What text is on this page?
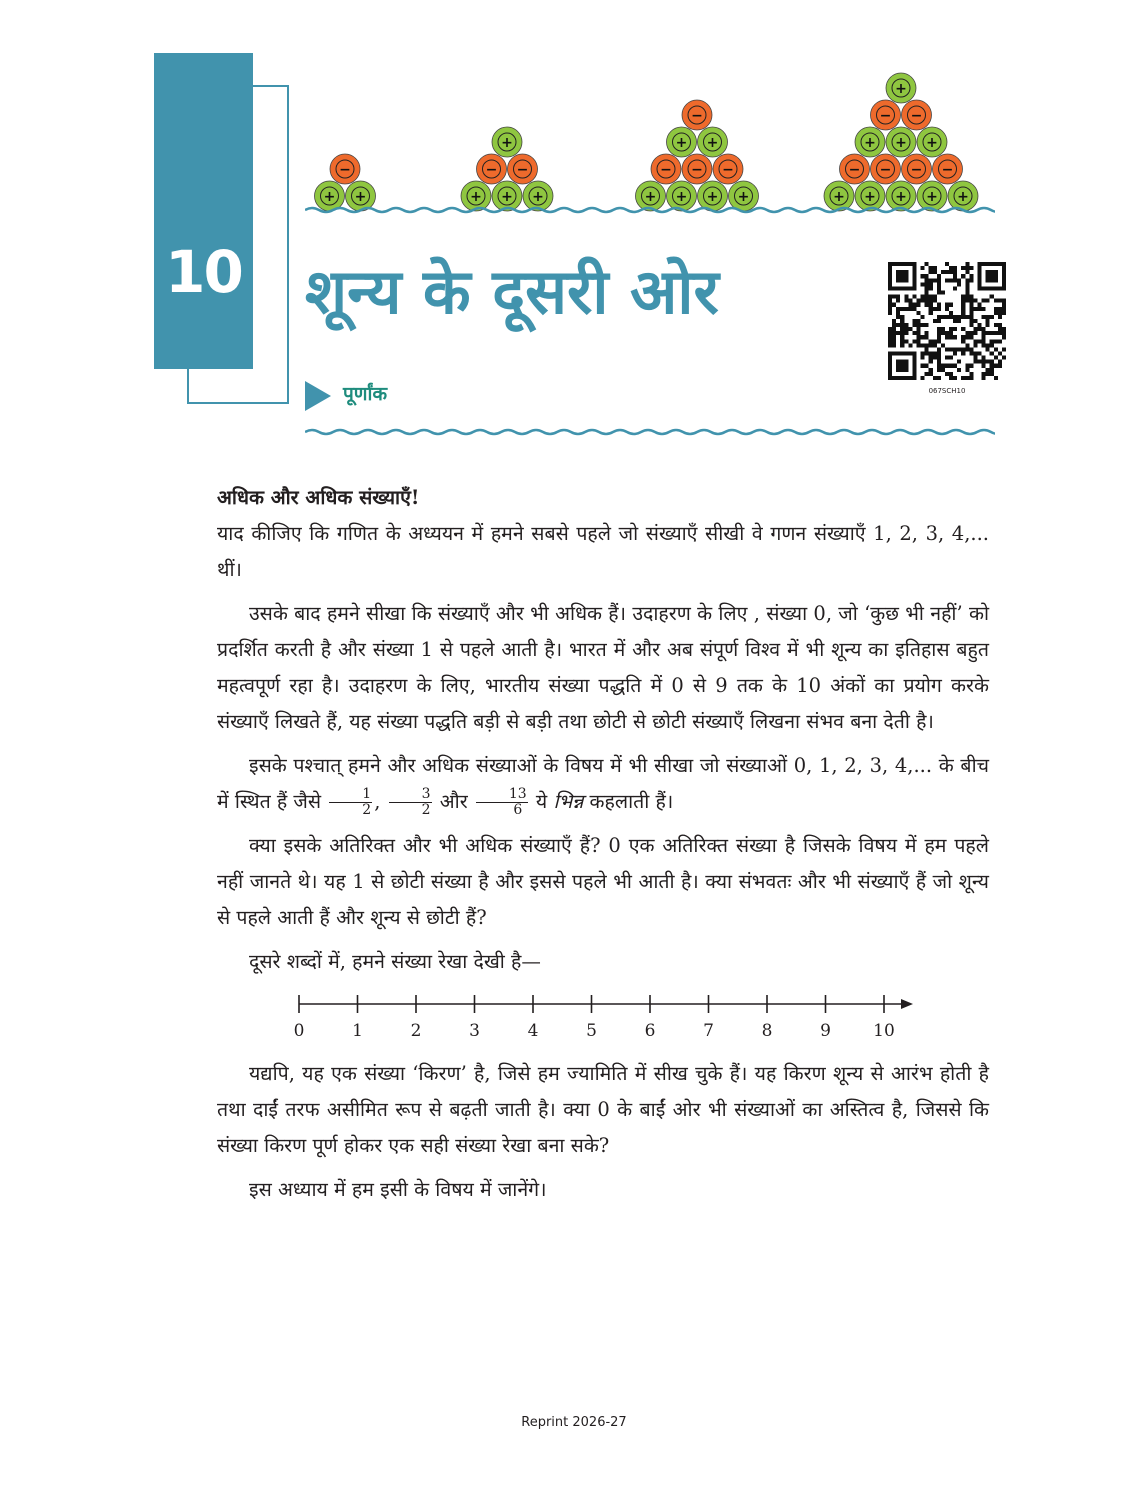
10
−
+ +
+
− −
+ + +
−
+ +
− − −
+ + + +
+
− −
+ + +
− − − −
+ + + + +
शून्य के दूसरी ओर
067SCH10
पूर्णांक

अधिक और अधिक संख्याएँ!

याद कीजिए कि गणित के अध्ययन में हमने सबसे पहले जो संख्याएँ सीखी वे गणन संख्याएँ 1, 2, 3, 4,... थीं।

उसके बाद हमने सीखा कि संख्याएँ और भी अधिक हैं। उदाहरण के लिए , संख्या 0, जो ‘कुछ भी नहीं’ को प्रदर्शित करती है और संख्या 1 से पहले आती है। भारत में और अब संपूर्ण विश्व में भी शून्य का इतिहास बहुत महत्वपूर्ण रहा है। उदाहरण के लिए, भारतीय संख्या पद्धति में 0 से 9 तक के 10 अंकों का प्रयोग करके संख्याएँ लिखते हैं, यह संख्या पद्धति बड़ी से बड़ी तथा छोटी से छोटी संख्याएँ लिखना संभव बना देती है।

इसके पश्चात् हमने और अधिक संख्याओं के विषय में भी सीखा जो संख्याओं 0, 1, 2, 3, 4,... के बीच में स्थित हैं जैसे $\frac{1}{2}$ , $\frac{3}{2}$ और $\frac{13}{6}$ ये भिन्न कहलाती हैं।

क्या इसके अतिरिक्त और भी अधिक संख्याएँ हैं? 0 एक अतिरिक्त संख्या है जिसके विषय में हम पहले नहीं जानते थे। यह 1 से छोटी संख्या है और इससे पहले भी आती है। क्या संभवतः और भी संख्याएँ हैं जो शून्य से पहले आती हैं और शून्य से छोटी हैं?

दूसरे शब्दों में, हमने संख्या रेखा देखी है—

0	1	2	3	4	5	6	7	8	9 10

यद्यपि, यह एक संख्या ‘किरण’ है, जिसे हम ज्यामिति में सीख चुके हैं। यह किरण शून्य से आरंभ होती है तथा दाईं तरफ असीमित रूप से बढ़ती जाती है। क्या 0 के बाईं ओर भी संख्याओं का अस्तित्व है, जिससे कि संख्या किरण पूर्ण होकर एक सही संख्या रेखा बना सके?

इस अध्याय में हम इसी के विषय में जानेंगे।

Reprint 2026-27
